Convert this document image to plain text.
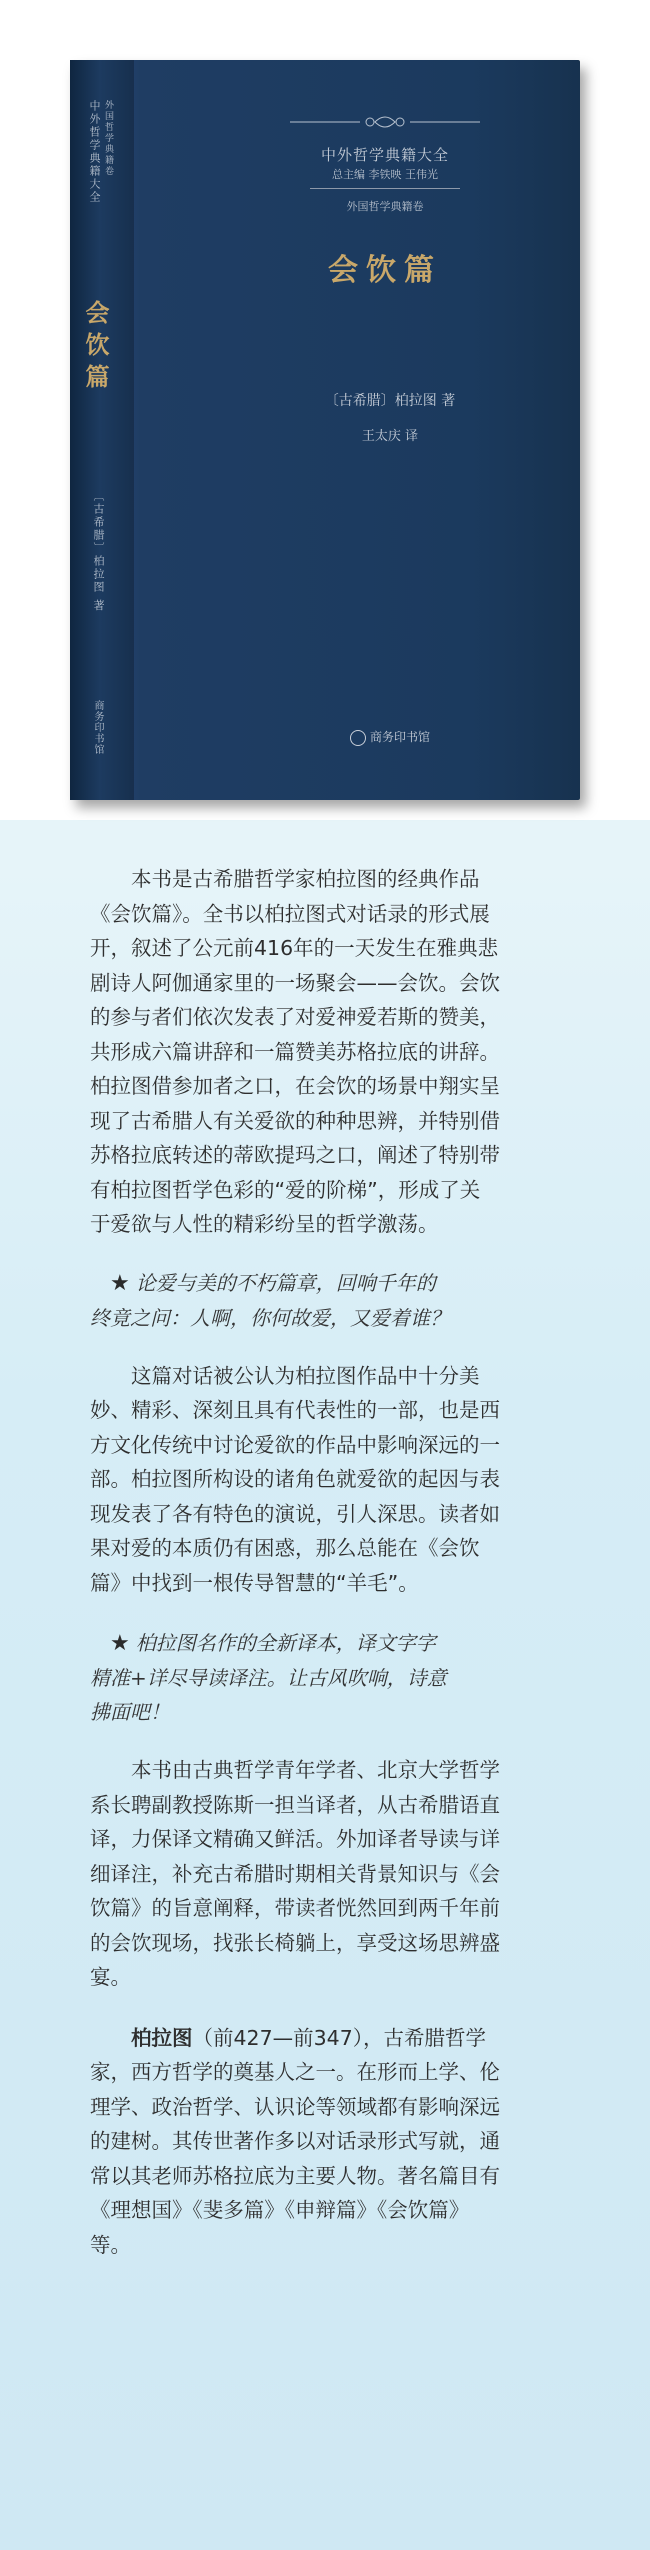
中外哲学典籍大全 外国哲学典籍卷
会饮篇
〔古希腊〕柏拉图 著
商务印书馆
中外哲学典籍大全
总主编 李铁映 王伟光
外国哲学典籍卷
会饮篇
〔古希腊〕柏拉图 著
王太庆 译
商务印书馆

本书是古希腊哲学家柏拉图的经典作品

《会饮篇》。全书以柏拉图式对话录的形式展

开，叙述了公元前416年的一天发生在雅典悲

剧诗人阿伽通家里的一场聚会——会饮。会饮

的参与者们依次发表了对爱神爱若斯的赞美，

共形成六篇讲辞和一篇赞美苏格拉底的讲辞。

柏拉图借参加者之口，在会饮的场景中翔实呈

现了古希腊人有关爱欲的种种思辨，并特别借

苏格拉底转述的蒂欧提玛之口，阐述了特别带

有柏拉图哲学色彩的“爱的阶梯”，形成了关

于爱欲与人性的精彩纷呈的哲学激荡。

★ 论爱与美的不朽篇章，回响千年的

终竟之问：人啊，你何故爱，又爱着谁？

这篇对话被公认为柏拉图作品中十分美

妙、精彩、深刻且具有代表性的一部，也是西

方文化传统中讨论爱欲的作品中影响深远的一

部。柏拉图所构设的诸角色就爱欲的起因与表

现发表了各有特色的演说，引人深思。读者如

果对爱的本质仍有困惑，那么总能在《会饮

篇》中找到一根传导智慧的“羊毛”。

★ 柏拉图名作的全新译本，译文字字

精准+详尽导读译注。让古风吹响，诗意

拂面吧！

本书由古典哲学青年学者、北京大学哲学

系长聘副教授陈斯一担当译者，从古希腊语直

译，力保译文精确又鲜活。外加译者导读与详

细译注，补充古希腊时期相关背景知识与《会

饮篇》的旨意阐释，带读者恍然回到两千年前

的会饮现场，找张长椅躺上，享受这场思辨盛

宴。

柏拉图（前427—前347），古希腊哲学

家，西方哲学的奠基人之一。在形而上学、伦

理学、政治哲学、认识论等领域都有影响深远

的建树。其传世著作多以对话录形式写就，通

常以其老师苏格拉底为主要人物。著名篇目有

《理想国》《斐多篇》《申辩篇》《会饮篇》

等。
